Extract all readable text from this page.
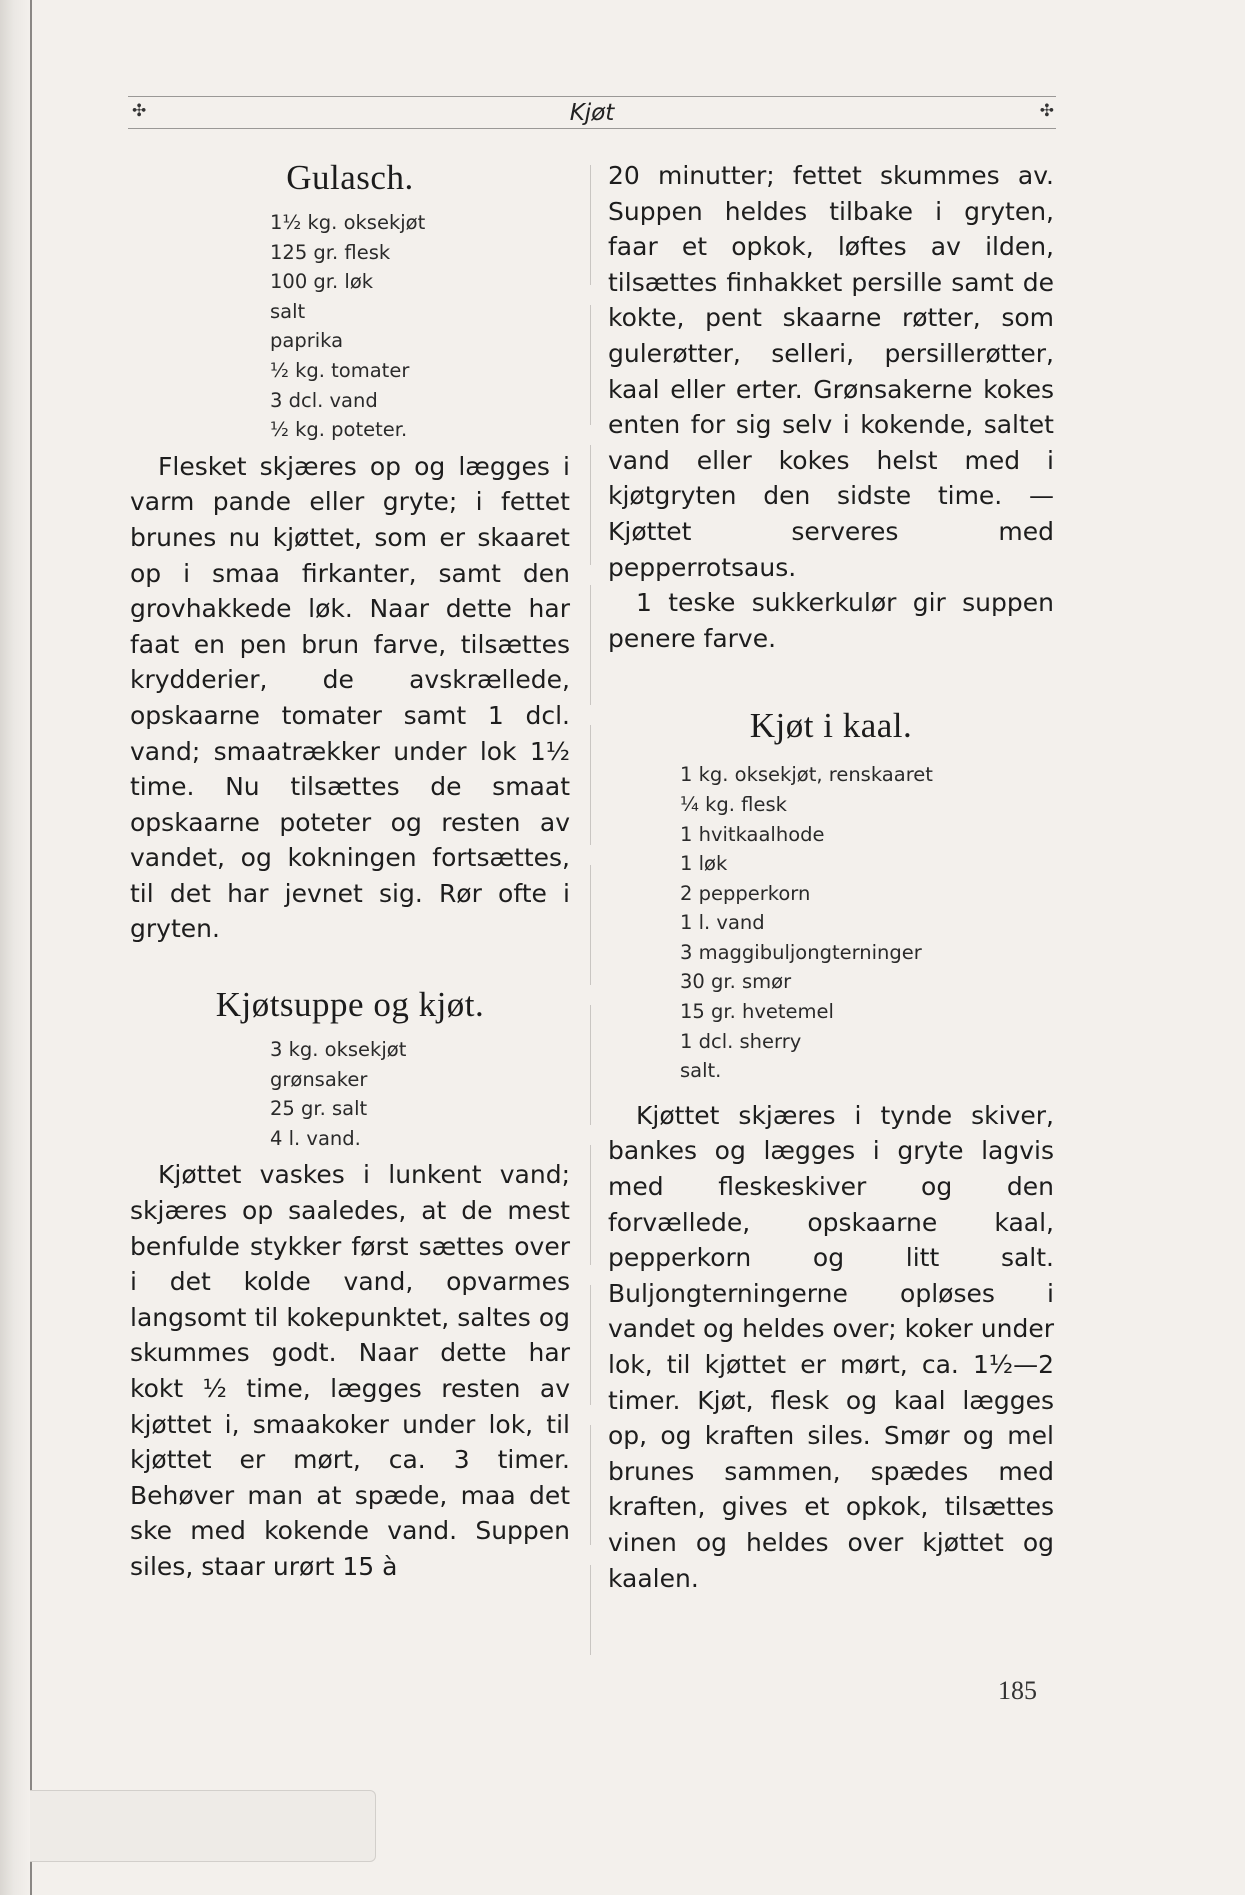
✣	Kjøt	✣
Gulasch.
1½ kg. oksekjøt
125 gr. flesk
100 gr. løk
salt
paprika
½ kg. tomater
3 dcl. vand
½ kg. poteter.

Flesket skjæres op og lægges i varm pande eller gryte; i fettet brunes nu kjøttet, som er skaaret op i smaa firkanter, samt den grovhakkede løk. Naar dette har faat en pen brun farve, tilsættes krydderier, de avskrællede, opskaarne tomater samt 1 dcl. vand; smaatrækker under lok 1½ time. Nu tilsættes de smaat opskaarne poteter og resten av vandet, og kokningen fortsættes, til det har jevnet sig. Rør ofte i gryten.

Kjøtsuppe og kjøt.
3 kg. oksekjøt
grønsaker
25 gr. salt
4 l. vand.

Kjøttet vaskes i lunkent vand; skjæres op saaledes, at de mest benfulde stykker først sættes over i det kolde vand, opvarmes langsomt til kokepunktet, saltes og skummes godt. Naar dette har kokt ½ time, lægges resten av kjøttet i, smaakoker under lok, til kjøttet er mørt, ca. 3 timer. Behøver man at spæde, maa det ske med kokende vand. Suppen siles, staar urørt 15 à

20 minutter; fettet skummes av. Suppen heldes tilbake i gryten, faar et opkok, løftes av ilden, tilsættes finhakket persille samt de kokte, pent skaarne røtter, som gulerøtter, selleri, persillerøtter, kaal eller erter. Grønsakerne kokes enten for sig selv i kokende, saltet vand eller kokes helst med i kjøtgryten den sidste time. — Kjøttet serveres med pepperrotsaus.

1 teske sukkerkulør gir suppen penere farve.

Kjøt i kaal.
1 kg. oksekjøt, renskaaret
¼ kg. flesk
1 hvitkaalhode
1 løk
2 pepperkorn
1 l. vand
3 maggibuljongterninger
30 gr. smør
15 gr. hvetemel
1 dcl. sherry
salt.

Kjøttet skjæres i tynde skiver, bankes og lægges i gryte lagvis med fleskeskiver og den forvællede, opskaarne kaal, pepperkorn og litt salt. Buljongterningerne opløses i vandet og heldes over; koker under lok, til kjøttet er mørt, ca. 1½—2 timer. Kjøt, flesk og kaal lægges op, og kraften siles. Smør og mel brunes sammen, spædes med kraften, gives et opkok, tilsættes vinen og heldes over kjøttet og kaalen.

185
